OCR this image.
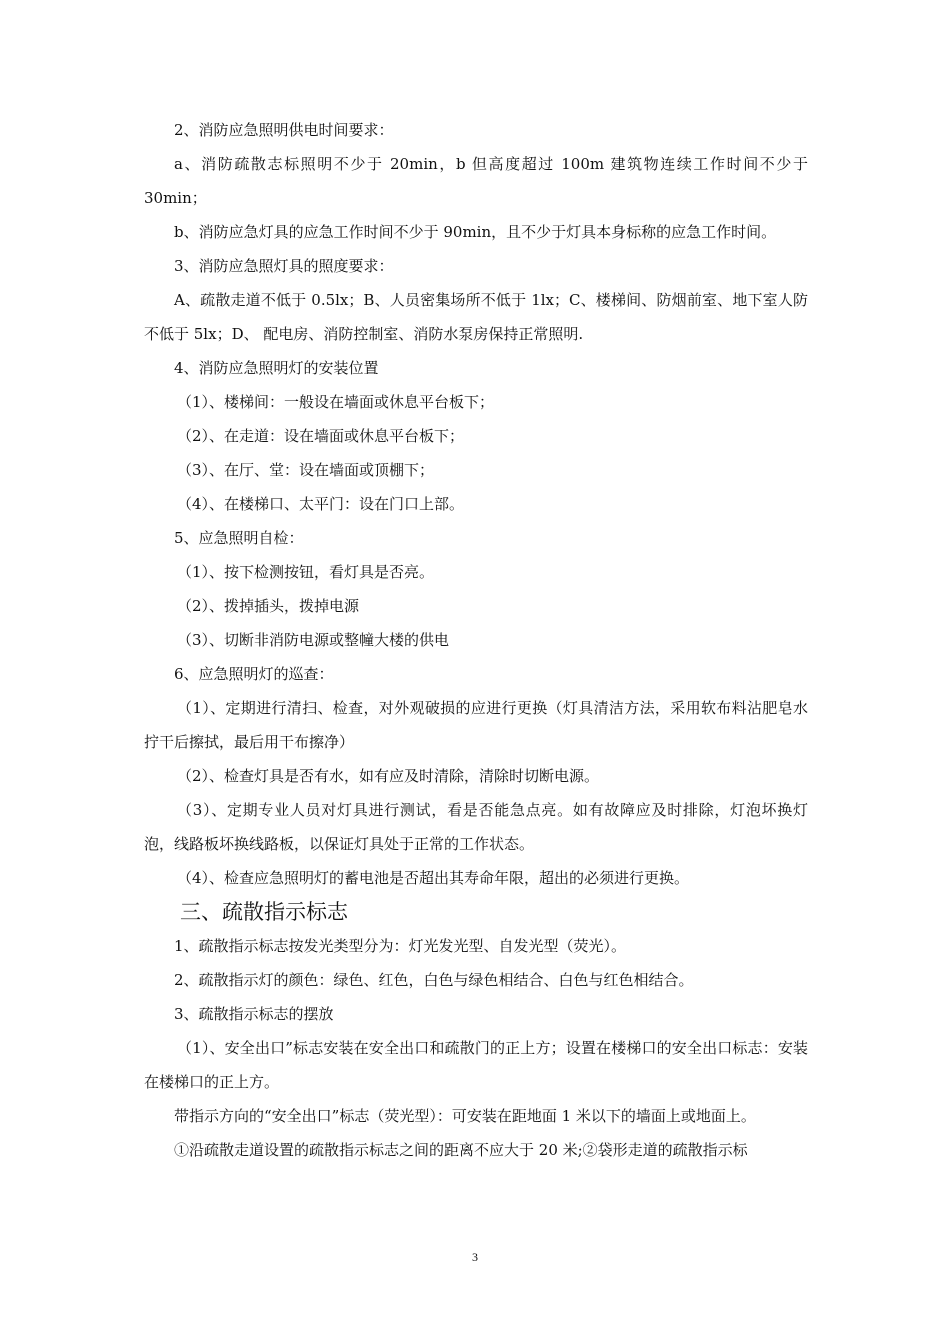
2、消防应急照明供电时间要求：

a、消防疏散志标照明不少于 20min，b 但高度超过 100m 建筑物连续工作时间不少于 30min；

b、消防应急灯具的应急工作时间不少于 90min，且不少于灯具本身标称的应急工作时间。

3、消防应急照灯具的照度要求：

A、疏散走道不低于 0.5lx；B、人员密集场所不低于 1lx；C、楼梯间、防烟前室、地下室人防不低于 5lx；D、 配电房、消防控制室、消防水泵房保持正常照明.

4、消防应急照明灯的安装位置

（1）、楼梯间：一般设在墙面或休息平台板下；

（2）、在走道：设在墙面或休息平台板下；

（3）、在厅、堂：设在墙面或顶棚下；

（4）、在楼梯口、太平门：设在门口上部。

5、应急照明自检：

（1）、按下检测按钮，看灯具是否亮。

（2）、拨掉插头，拨掉电源

（3）、切断非消防电源或整幢大楼的供电

6、应急照明灯的巡查：

（1）、定期进行清扫、检查，对外观破损的应进行更换（灯具清洁方法，采用软布料沾肥皂水拧干后擦拭，最后用干布擦净）

（2）、检查灯具是否有水，如有应及时清除，清除时切断电源。

（3）、定期专业人员对灯具进行测试，看是否能急点亮。如有故障应及时排除，灯泡坏换灯泡，线路板坏换线路板，以保证灯具处于正常的工作状态。

（4）、检查应急照明灯的蓄电池是否超出其寿命年限，超出的必须进行更换。

三、疏散指示标志

1、疏散指示标志按发光类型分为：灯光发光型、自发光型（荧光）。

2、疏散指示灯的颜色：绿色、红色，白色与绿色相结合、白色与红色相结合。

3、疏散指示标志的摆放

（1）、安全出口”标志安装在安全出口和疏散门的正上方；设置在楼梯口的安全出口标志：安装在楼梯口的正上方。

带指示方向的“安全出口”标志（荧光型）：可安装在距地面 1 米以下的墙面上或地面上。

①沿疏散走道设置的疏散指示标志之间的距离不应大于 20 米;②袋形走道的疏散指示标

3
